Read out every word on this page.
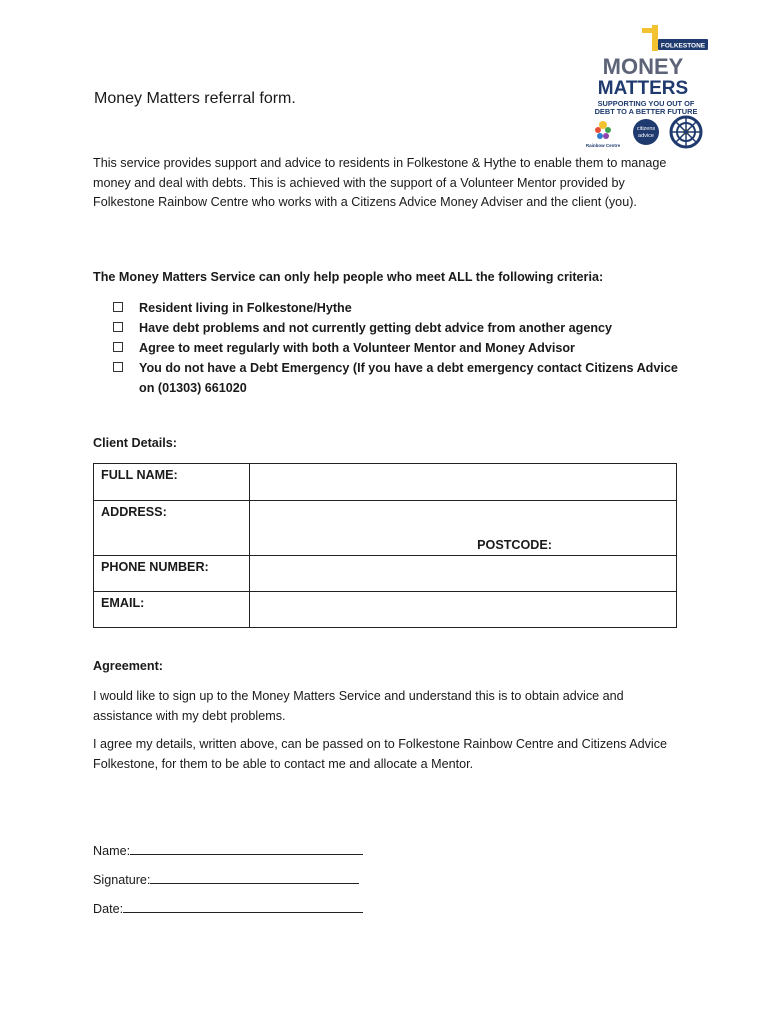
FOLKESTONE
MONEY
MATTERS
SUPPORTING YOU OUT OF
DEBT TO A BETTER FUTURE
Rainbow Centre
citizens
advice
Money Matters referral form.
This service provides support and advice to residents in Folkestone & Hythe to enable them to manage money and deal with debts. This is achieved with the support of a Volunteer Mentor provided by Folkestone Rainbow Centre who works with a Citizens Advice Money Adviser and the client (you).
The Money Matters Service can only help people who meet ALL the following criteria:
Resident living in Folkestone/Hythe
Have debt problems and not currently getting debt advice from another agency
Agree to meet regularly with both a Volunteer Mentor and Money Advisor
You do not have a Debt Emergency (If you have a debt emergency contact Citizens Advice on (01303) 661020
Client Details:
FULL NAME:	
ADDRESS:	POSTCODE:

PHONE NUMBER:	
EMAIL:	
Agreement:
I would like to sign up to the Money Matters Service and understand this is to obtain advice and assistance with my debt problems.
I agree my details, written above, can be passed on to Folkestone Rainbow Centre and Citizens Advice Folkestone, for them to be able to contact me and allocate a Mentor.
Name:
Signature:
Date:
